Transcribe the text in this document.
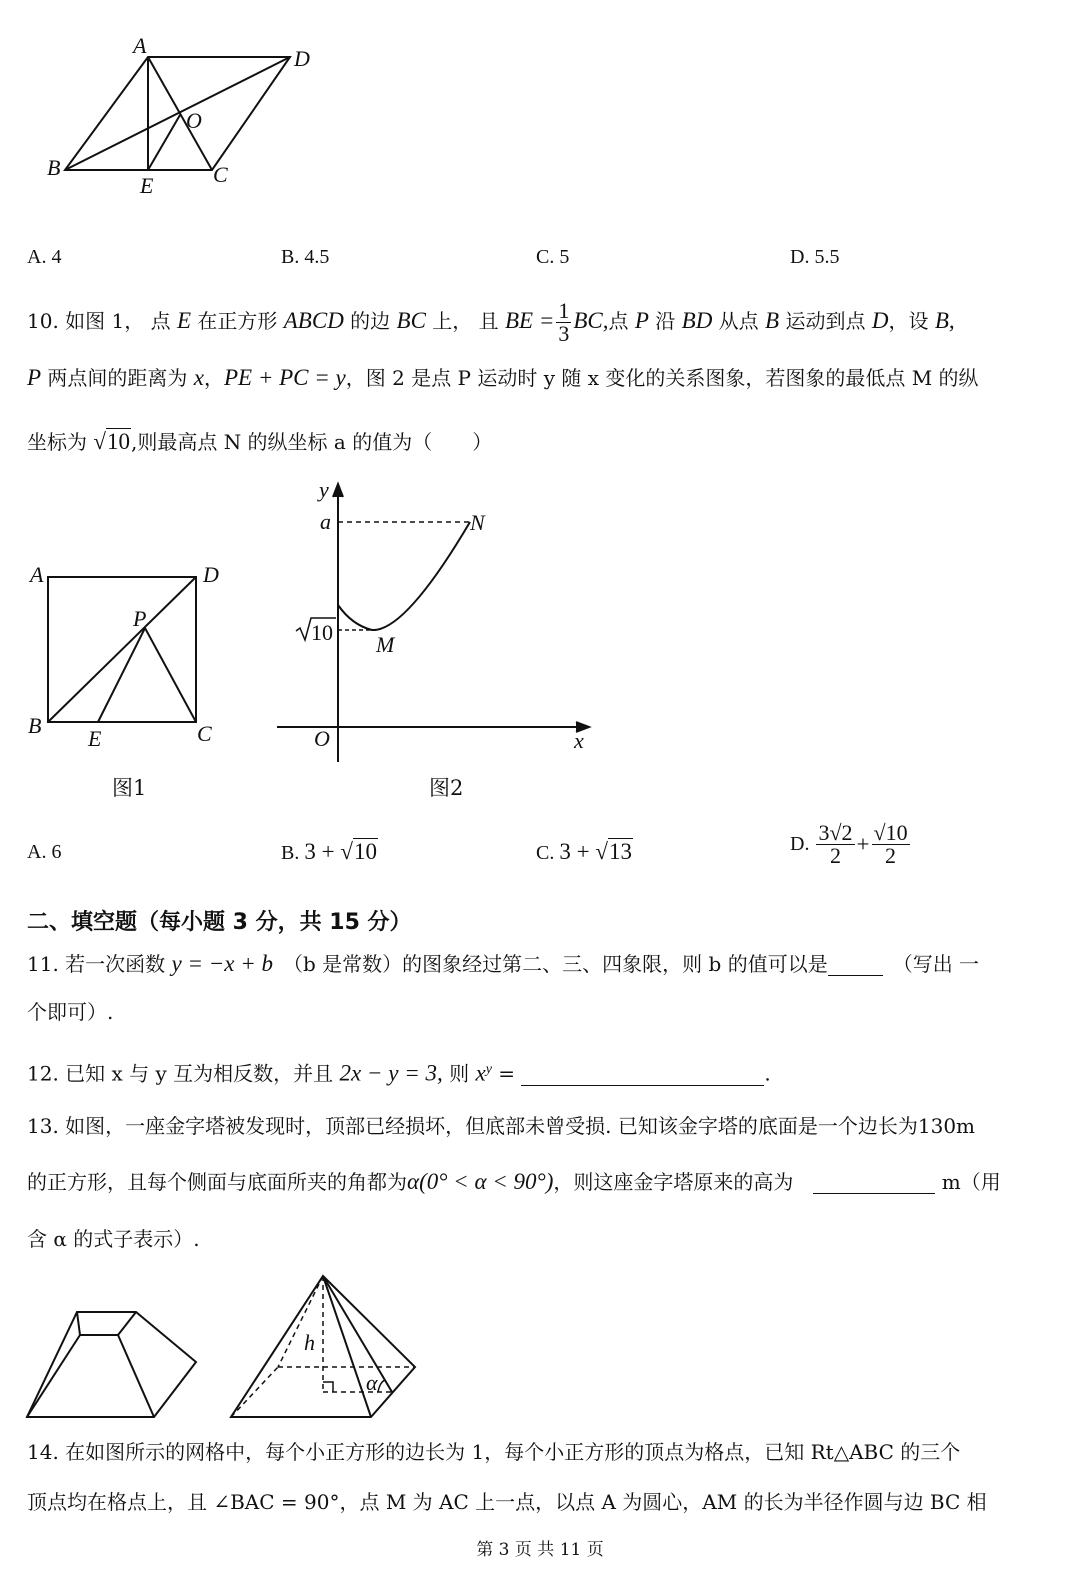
A
D
O
B
E	C
A	D
P
B
E	C
y
a	N
M
O	x
10
h
α
A. 4	B. 4.5	C. 5	D. 5.5
10. 如图 1， 点 E 在正方形 ABCD 的边 BC 上， 且 BE = $\frac{1}{3}$ BC,点 P 沿 BD 从点 B 运动到点 D，设 B,
P 两点间的距离为 x，PE + PC = y，图 2 是点 P 运动时 y 随 x 变化的关系图象，若图象的最低点 M 的纵
坐标为 √10,则最高点 N 的纵坐标 a 的值为（　　）
图1	图2
A. 6	B. 3 + √10	C. 3 + √13	D. $\frac{3√2}{2} + \frac{√10}{2}$
二、填空题（每小题 3 分，共 15 分）
11. 若一次函数 y = −x + b　（b 是常数）的图象经过第二、三、四象限，则 b 的值可以是	　（写出 一
个即可）.
12. 已知 x 与 y 互为相反数，并且 2x − y = 3, 则 $x^y$ =	.
13. 如图，一座金字塔被发现时，顶部已经损坏，但底部未曾受损. 已知该金字塔的底面是一个边长为130m
的正方形，且每个侧面与底面所夹的角都为α(0° < α < 90°)，则这座金字塔原来的高为　	m（用
含 α 的式子表示）.
14. 在如图所示的网格中，每个小正方形的边长为 1，每个小正方形的顶点为格点，已知 Rt△ABC 的三个
顶点均在格点上，且 ∠BAC = 90°，点 M 为 AC 上一点，以点 A 为圆心，AM 的长为半径作圆与边 BC 相
第 3 页 共 11 页
